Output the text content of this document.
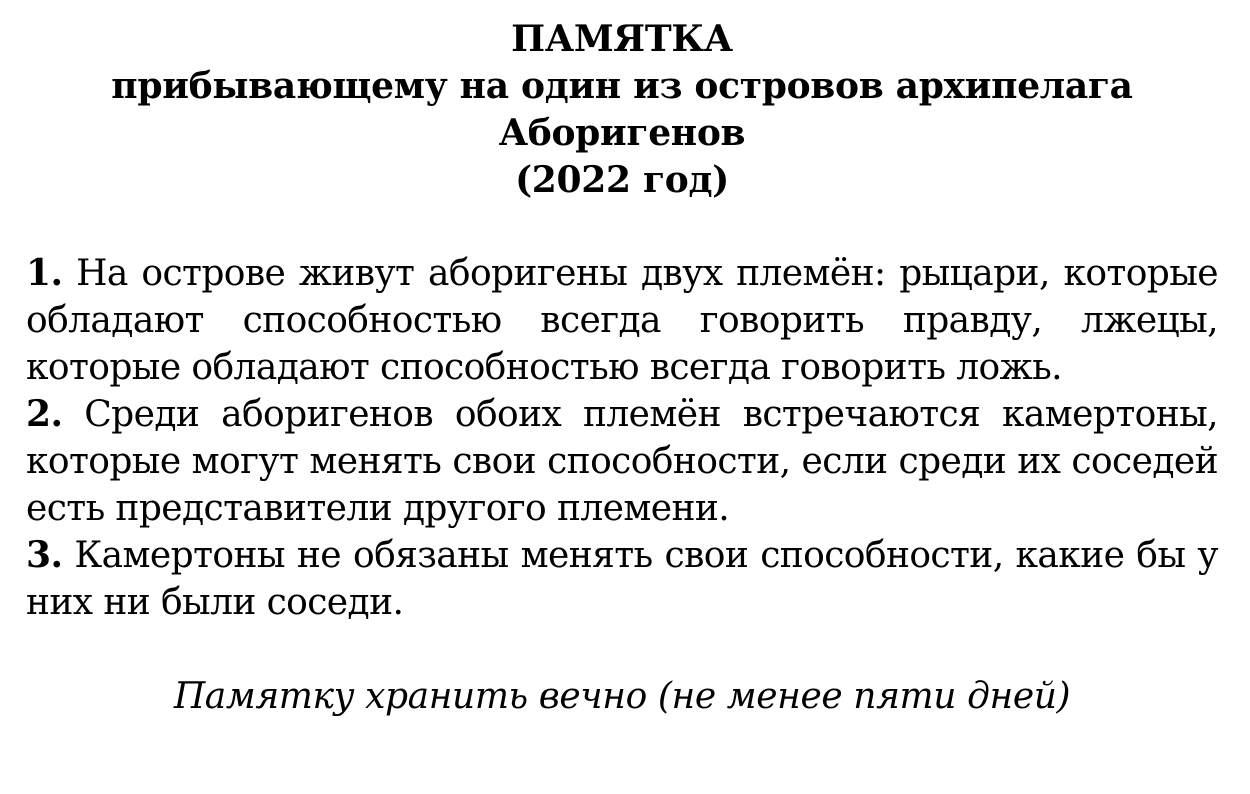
ПАМЯТКА
прибывающему на один из островов архипелага
Аборигенов
(2022 год)
1. На острове живут аборигены двух племён: рыцари, которые обладают способностью всегда говорить правду, лжецы, которые обладают способностью всегда говорить ложь.
2. Среди аборигенов обоих племён встречаются камертоны, которые могут менять свои способности, если среди их соседей есть представители другого племени.
3. Камертоны не обязаны менять свои способности, какие бы у них ни были соседи.
Памятку хранить вечно (не менее пяти дней)
